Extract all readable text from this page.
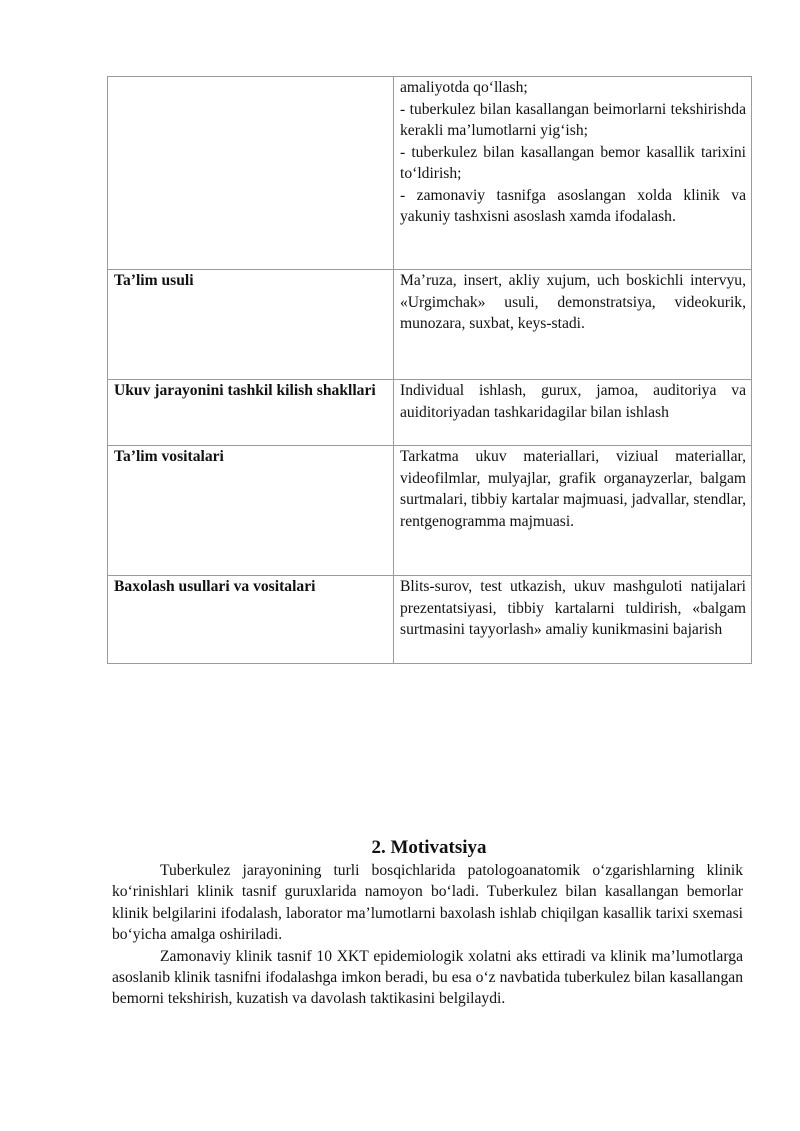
	amaliyotda qo‘llash;

- tuberkulez bilan kasallangan beimorlarni tekshirishda kerakli ma’lumotlarni yig‘ish;

- tuberkulez bilan kasallangan bemor kasallik tarixini to‘ldirish;

- zamonaviy tasnifga asoslangan xolda klinik va yakuniy tashxisni asoslash xamda ifodalash.

Ta’lim usuli	Ma’ruza, insert, akliy xujum, uch boskichli intervyu, «Urgimchak» usuli, demonstratsiya, videokurik, munozara, suxbat, keys-stadi.

Ukuv jarayonini tashkil kilish shakllari	Individual ishlash, gurux, jamoa, auditoriya va auiditoriyadan tashkaridagilar bilan ishlash

Ta’lim vositalari	Tarkatma ukuv materiallari, viziual materiallar, videofilmlar, mulyajlar, grafik organayzerlar, balgam surtmalari, tibbiy kartalar majmuasi, jadvallar, stendlar, rentgenogramma majmuasi.

Baxolash usullari va vositalari	Blits-surov, test utkazish, ukuv mashguloti natijalari prezentatsiyasi, tibbiy kartalarni tuldirish, «balgam surtmasini tayyorlash» amaliy kunikmasini bajarish

2. Motivatsiya

Tuberkulez jarayonining turli bosqichlarida patologoanatomik o‘zgarishlarning klinik ko‘rinishlari klinik tasnif guruxlarida namoyon bo‘ladi. Tuberkulez bilan kasallangan bemorlar klinik belgilarini ifodalash, laborator ma’lumotlarni baxolash ishlab chiqilgan kasallik tarixi sxemasi bo‘yicha amalga oshiriladi.

Zamonaviy klinik tasnif 10 XKT epidemiologik xolatni aks ettiradi va klinik ma’lumotlarga asoslanib klinik tasnifni ifodalashga imkon beradi, bu esa o‘z navbatida tuberkulez bilan kasallangan bemorni tekshirish, kuzatish va davolash taktikasini belgilaydi.
